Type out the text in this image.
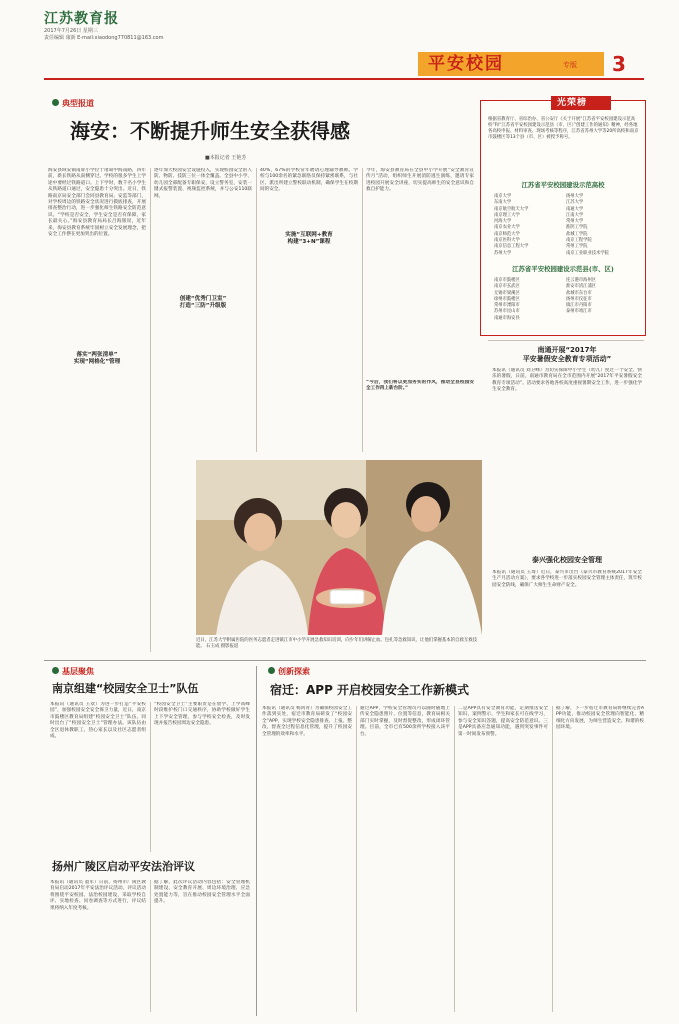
江苏教育报
2017年7月26日 星期三
责任编辑 康新 E-mail:xiaodong770811@163.com
平安校园	专版 3
典型报道
海安：不断提升师生安全获得感
■本报记者 王艳芳
海安县域安镇南屏小学位于诸葛中海南路，四年前，新长铁路从南侧穿过。学校的很多学生上学途中要经过铁路道口。上下学时，数千名小学生从铁路道口通过，安全隐患十分突出。近日，铁路南京局安全部门会同县教育局、安监等部门，对学校周边的铁路安全状况进行摸底排查，开展排查整治行动，进一步强化师生铁路安全防范意识。“学校是否安全，学生安全是否有保障，家长最关心。”海安县教育局局长吕海银说，近年来，海安县教育系统牢固树立安全发展理念，把安全工作摆在更加突出的位置。
落实“两张清单”
实现“网格化”管理
逐年加大校园安全设施投入，实现校园安全的人防、物防、技防三位一体全覆盖。全县中小学、幼儿园全部配备专职保安，设立警务室，安装一键式报警装置、视频监控系统，并与公安110联网。
创建“优秀门卫室”
打造“三防”升级版
40%，67%的学校常年聘请心理辅导教师。学校与100余名的紧急联络员保持紧密联系，与社区、派出所建立警校联动机制，确保学生在校期间的安全。
实施“互联网+教育
构建“3+N”课程
今年，海安县教育局在全县中小学开展“安全教育宣传月”活动，组织师生开展消防逃生演练，邀请专家进校园开展安全讲座，切实提高师生的安全意识和自救自护能力。
“今后，我们将以更加务实的作风，推动全县校园安全工作再上新台阶。”
光荣榜
根据省教育厅、省综治办、省公安厅《关于开展“江苏省平安校园建设示范高校”和“江苏省平安校园建设示范县（市、区）”创建工作的通知》精神，经各地各高校申报、材料审查、现场考核等程序，江苏省苏州大学等20所高校和南京市鼓楼区等13个县（市、区）被授予称号。
江苏省平安校园建设示范高校
南京大学
东南大学
南京航空航天大学
南京理工大学
河海大学
南京农业大学
南京师范大学
南京医科大学
南京信息工程大学
苏州大学
扬州大学
江苏大学
南通大学
江南大学
常州大学
淮阴工学院
盐城工学院
南京工程学院
常州工学院
南京工业职业技术学院
江苏省平安校园建设示范县(市、区)
南京市鼓楼区
南京市玄武区
无锡市梁溪区
徐州市鼓楼区
常州市溧阳市
苏州市昆山市
南通市海安县
连云港市海州区
淮安市清江浦区
盐城市东台市
扬州市仪征市
镇江市丹阳市
泰州市靖江市
近日，江苏大学附属医院的医务志愿者走进镇江市中小学开展急救知识培训，向少年们讲解止血、包扎等急救知识，让他们掌握基本的自救互救技能。 石玉成 摄影报道
南通开展“2017年
平安暑假安全教育专项活动”
本报讯（通讯员 刘卫峰）为切实保障中小学生（幼儿）度过一个安全、快乐的暑假，日前，南通市教育局在全市范围内开展“2017年平安暑假安全教育专项活动”。活动要求各地各校高度重视暑期安全工作，进一步强化学生安全教育。
泰兴强化校园安全管理
本报讯（通讯员 王琦）近日，泰兴市出台《泰兴市教育系统2017年安全生产月活动方案》，要求各学校进一步落实校园安全管理主体责任，筑牢校园安全防线，确保广大师生生命财产安全。
基层聚焦
南京组建“校园安全卫士”队伍
本报讯（通讯员 王欢）为进一步打造“平安校园”，加强校园安全安全保卫力量，近日，南京市鼓楼区教育局组建“校园安全卫士”队伍，同时出台了“校园安全卫士”管理办法。该队伍由全区退休教职工、热心家长以及社区志愿者组成。
“校园安全卫士”主要职责是在放学、上学高峰时段维护校门口交通秩序，协助学校做好学生上下学安全管理，参与学校安全检查，及时发现并报告校园周边安全隐患。
扬州广陵区启动平安法治评议
本报讯（通讯员 童军）日前，扬州市广陵区教育局启动2017年平安法治评议活动。评议活动将围绕平安校园、法治校园建设，采取学校自评、实地检查、问卷调查等方式进行，评议结果将纳入年度考核。
据了解，此次评议活动内容包括：安全管理机制建设、安全教育开展、周边环境治理、应急处置能力等，旨在推动校园安全管理水平全面提升。
创新探索
宿迁：APP 开启校园安全工作新模式
本报讯（通讯员 杨鸿青）为确保校园安全工作落到实处，宿迁市教育局研发了“校园安全”APP，实现学校安全隐患排查、上报、整改、督查全过程信息化管理，提升了校园安全管理的效率和水平。
通过APP，学校安全管理员可以随时随地上传安全隐患照片、位置等信息，教育局相关部门实时掌握，及时督促整改，形成闭环管理。目前，全市已有500余所学校接入该平台。
二是APP具有安全教育功能，定期推送安全知识、案例警示，学生和家长可在线学习，参与安全知识答题，提高安全防范意识。三是APP具备应急通知功能，遇到突发事件可第一时间发布预警。
据了解，下一步宿迁市教育局将继续完善APP功能，推动校园安全管理向智能化、精细化方向发展，为师生营造安全、和谐的校园环境。
